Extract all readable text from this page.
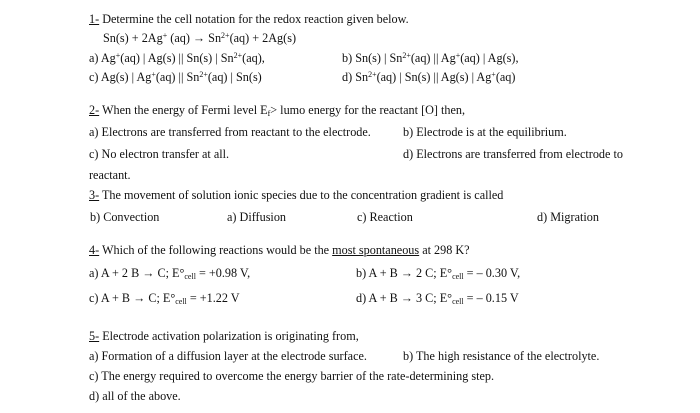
1- Determine the cell notation for the redox reaction given below.
Sn(s) + 2Ag+ $(aq) \to Sn^{2+}(aq) + 2Ag(s)$
a) Ag+(aq) | Ag(s) || Sn(s) | $Sn^{2+}(aq)$,	b) Sn(s) | $Sn^{2+}(aq)$ || Ag+(aq) | Ag(s),
c) Ag(s) | Ag+(aq) || $Sn^{2+}(aq)$ | Sn(s)	d) $Sn^{2+}(aq)$ | Sn(s) || Ag(s) | Ag+(aq)
2- When the energy of Fermi level $E_f>$ lumo energy for the reactant [O] then,
a) Electrons are transferred from reactant to the electrode.	b) Electrode is at the equilibrium.
c) No electron transfer at all.	d) Electrons are transferred from electrode to
reactant.
3- The movement of solution ionic species due to the concentration gradient is called
b) Convection	a) Diffusion	c) Reaction	d) Migration
4- Which of the following reactions would be the most spontaneous at 298 K?
a) A + 2 B → C; $E^\circ_{cell} = +0.98$ V,	b) A + B → 2 C; $E^\circ_{cell}$ = – 0.30 V,
c) A + B → C; $E^\circ_{cell} = +1.22$ V	d) A + B → 3 C; $E^\circ_{cell}$ = – 0.15 V
5- Electrode activation polarization is originating from,
a) Formation of a diffusion layer at the electrode surface.	b) The high resistance of the electrolyte.
c) The energy required to overcome the energy barrier of the rate-determining step.
d) all of the above.
